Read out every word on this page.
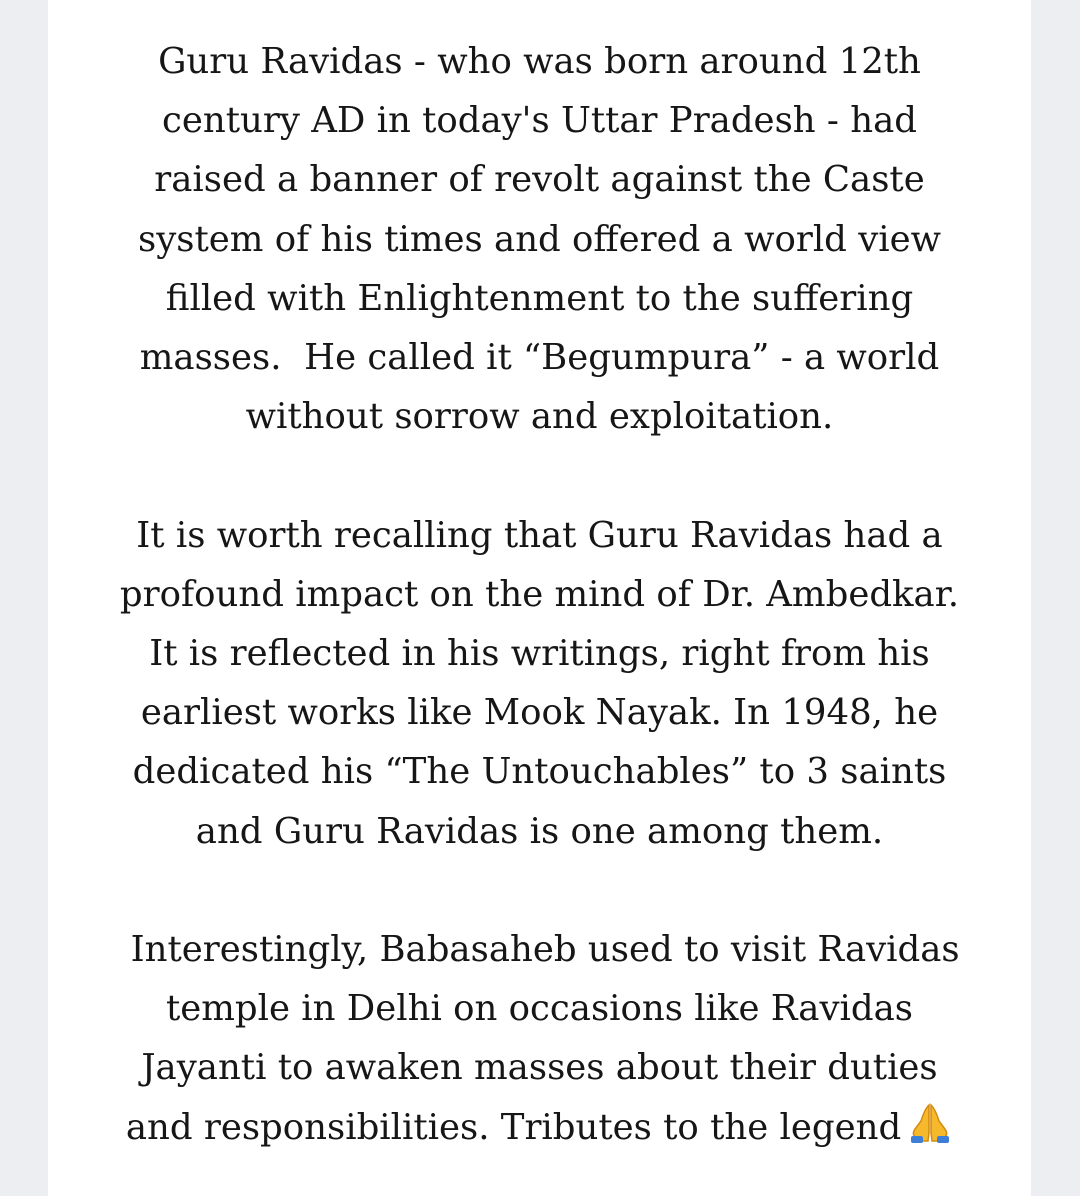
Guru Ravidas - who was born around 12th
century AD in today's Uttar Pradesh - had
raised a banner of revolt against the Caste
system of his times and offered a world view
filled with Enlightenment to the suffering
masses.  He called it “Begumpura” - a world
without sorrow and exploitation.

It is worth recalling that Guru Ravidas had a
profound impact on the mind of Dr. Ambedkar.
It is reflected in his writings, right from his
earliest works like Mook Nayak. In 1948, he
dedicated his “The Untouchables” to 3 saints
and Guru Ravidas is one among them.

Interestingly, Babasaheb used to visit Ravidas
temple in Delhi on occasions like Ravidas
Jayanti to awaken masses about their duties
and responsibilities. Tributes to the legend
